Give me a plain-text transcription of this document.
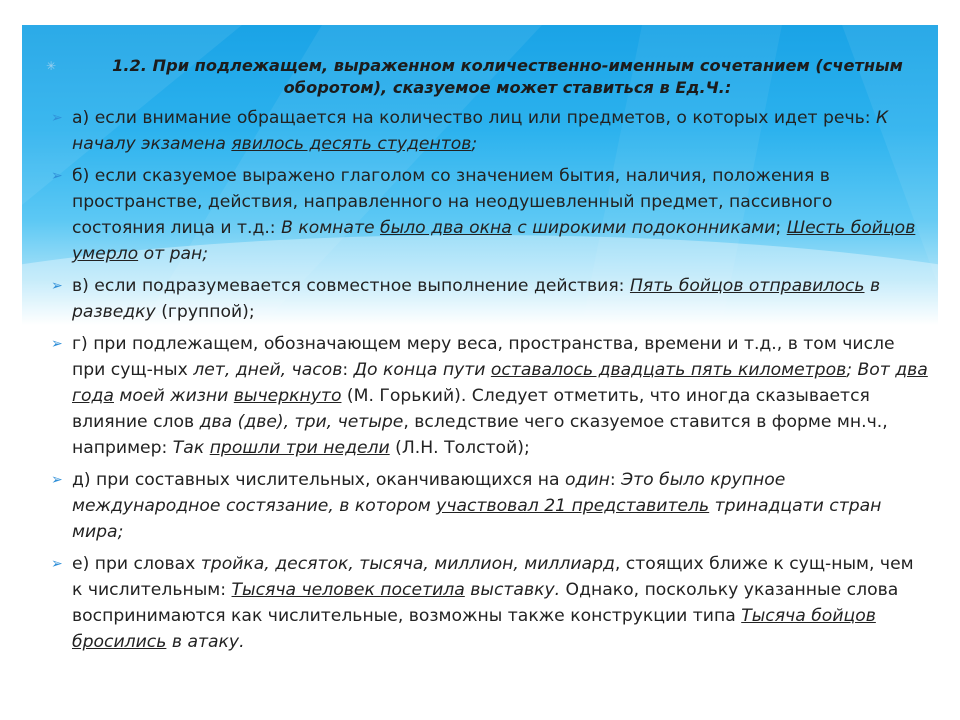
✳	1.2. При подлежащем, выраженном количественно-именным сочетанием (счетным оборотом), сказуемое может ставиться в Ед.Ч.:
➢ а) если внимание обращается на количество лиц или предметов, о которых идет речь: К началу экзамена явилось десять студентов;
➢ б) если сказуемое выражено глаголом со значением бытия, наличия, положения в пространстве, действия, направленного на неодушевленный предмет, пассивного состояния лица и т.д.: В комнате было два окна с широкими подоконниками; Шесть бойцов умерло от ран;
➢ в) если подразумевается совместное выполнение действия: Пять бойцов отправилось в разведку (группой);
➢ г) при подлежащем, обозначающем меру веса, пространства, времени и т.д., в том числе при сущ-ных лет, дней, часов: До конца пути оставалось двадцать пять километров; Вот два года моей жизни вычеркнуто (М. Горький). Следует отметить, что иногда сказывается влияние слов два (две), три, четыре, вследствие чего сказуемое ставится в форме мн.ч., например: Так прошли три недели (Л.Н. Толстой);
➢ д) при составных числительных, оканчивающихся на один: Это было крупное международное состязание, в котором участвовал 21 представитель тринадцати стран мира;
➢ е) при словах тройка, десяток, тысяча, миллион, миллиард, стоящих ближе к сущ-ным, чем к числительным: Тысяча человек посетила выставку. Однако, поскольку указанные слова воспринимаются как числительные, возможны также конструкции типа Тысяча бойцов бросились в атаку.
